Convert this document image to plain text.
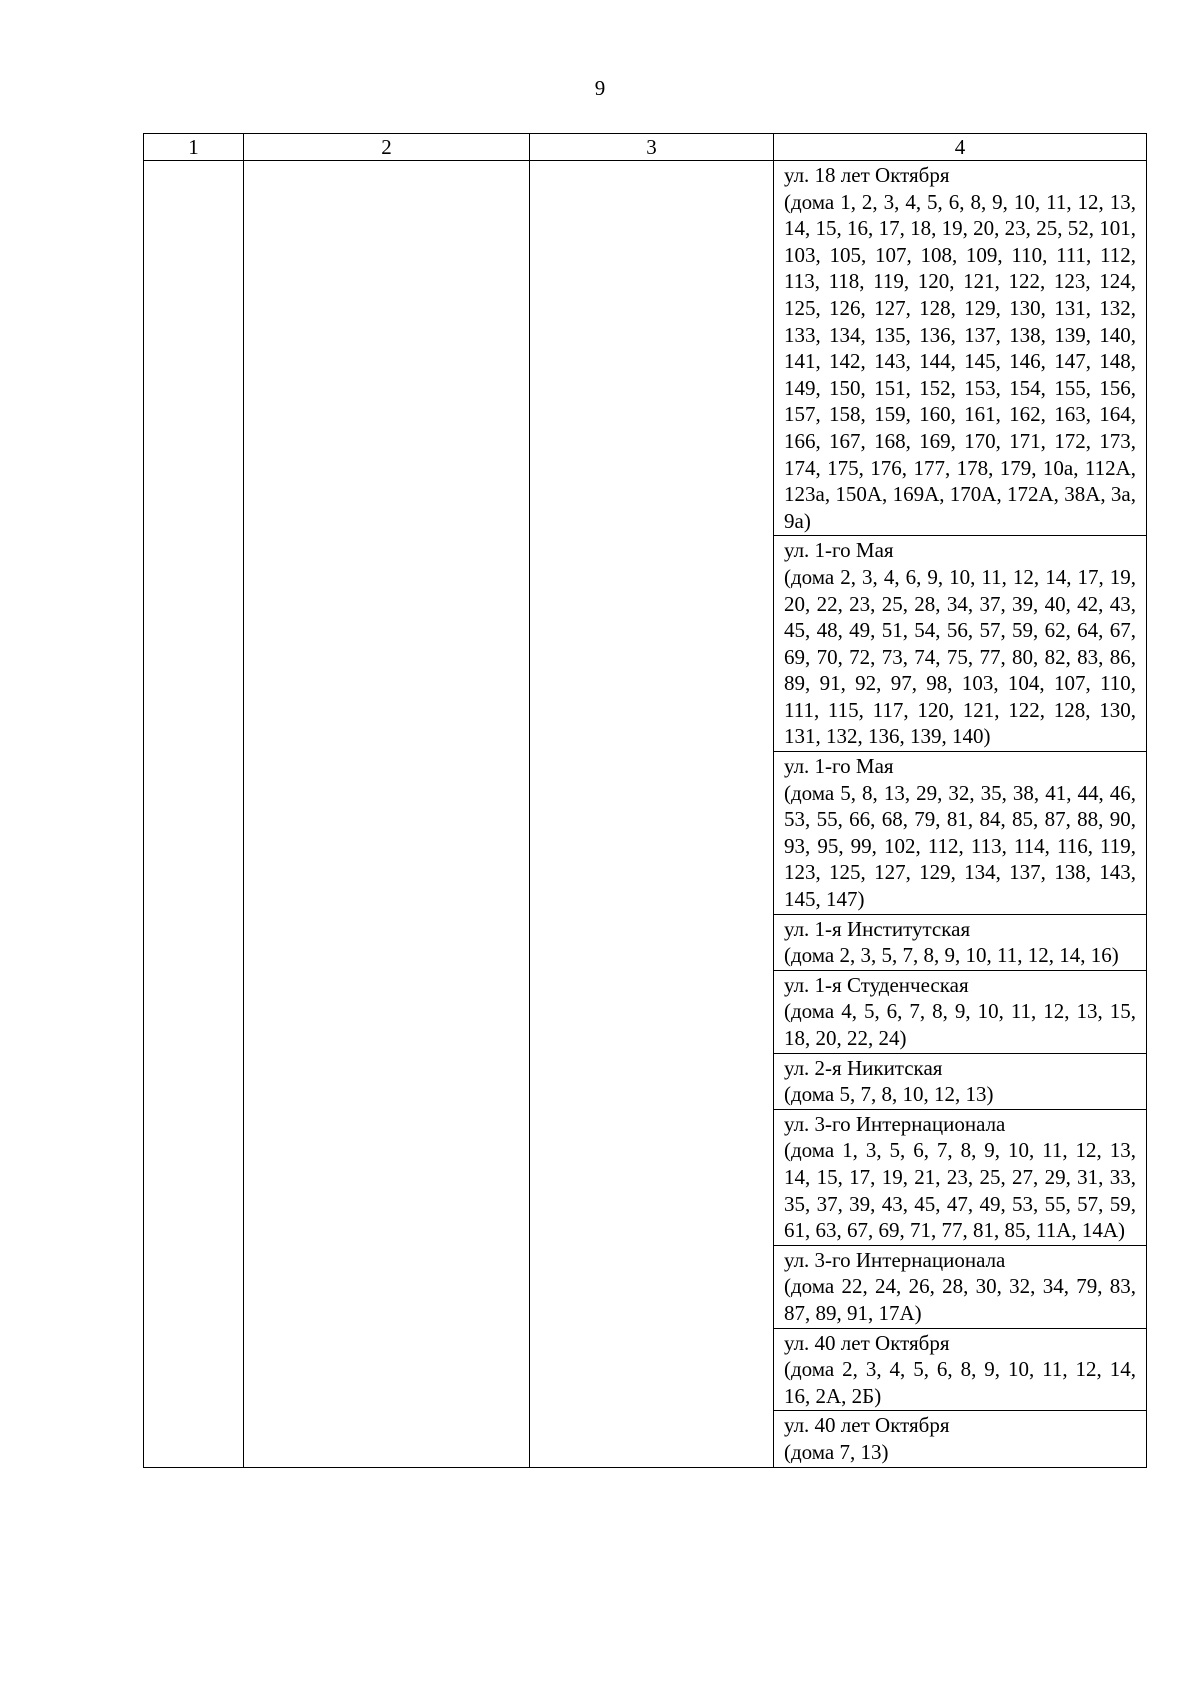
9
1	2	3	4

			ул. 18 лет Октября
(дома 1, 2, 3, 4, 5, 6, 8, 9, 10, 11, 12, 13, 14, 15, 16, 17, 18, 19, 20, 23, 25, 52, 101, 103, 105, 107, 108, 109, 110, 111, 112, 113, 118, 119, 120, 121, 122, 123, 124, 125, 126, 127, 128, 129, 130, 131, 132, 133, 134, 135, 136, 137, 138, 139, 140, 141, 142, 143, 144, 145, 146, 147, 148, 149, 150, 151, 152, 153, 154, 155, 156, 157, 158, 159, 160, 161, 162, 163, 164, 166, 167, 168, 169, 170, 171, 172, 173, 174, 175, 176, 177, 178, 179, 10а, 112А, 123а, 150А, 169А, 170А, 172А, 38А, 3а, 9а)

			ул. 1-го Мая
(дома 2, 3, 4, 6, 9, 10, 11, 12, 14, 17, 19, 20, 22, 23, 25, 28, 34, 37, 39, 40, 42, 43, 45, 48, 49, 51, 54, 56, 57, 59, 62, 64, 67, 69, 70, 72, 73, 74, 75, 77, 80, 82, 83, 86, 89, 91, 92, 97, 98, 103, 104, 107, 110, 111, 115, 117, 120, 121, 122, 128, 130, 131, 132, 136, 139, 140)

			ул. 1-го Мая
(дома 5, 8, 13, 29, 32, 35, 38, 41, 44, 46, 53, 55, 66, 68, 79, 81, 84, 85, 87, 88, 90, 93, 95, 99, 102, 112, 113, 114, 116, 119, 123, 125, 127, 129, 134, 137, 138, 143, 145, 147)

			ул. 1-я Институтская
(дома 2, 3, 5, 7, 8, 9, 10, 11, 12, 14, 16)

			ул. 1-я Студенческая
(дома 4, 5, 6, 7, 8, 9, 10, 11, 12, 13, 15, 18, 20, 22, 24)

			ул. 2-я Никитская
(дома 5, 7, 8, 10, 12, 13)

			ул. 3-го Интернационала
(дома 1, 3, 5, 6, 7, 8, 9, 10, 11, 12, 13, 14, 15, 17, 19, 21, 23, 25, 27, 29, 31, 33, 35, 37, 39, 43, 45, 47, 49, 53, 55, 57, 59, 61, 63, 67, 69, 71, 77, 81, 85, 11А, 14А)

			ул. 3-го Интернационала
(дома 22, 24, 26, 28, 30, 32, 34, 79, 83, 87, 89, 91, 17А)

			ул. 40 лет Октября
(дома 2, 3, 4, 5, 6, 8, 9, 10, 11, 12, 14, 16, 2А, 2Б)

			ул. 40 лет Октября
(дома 7, 13)
